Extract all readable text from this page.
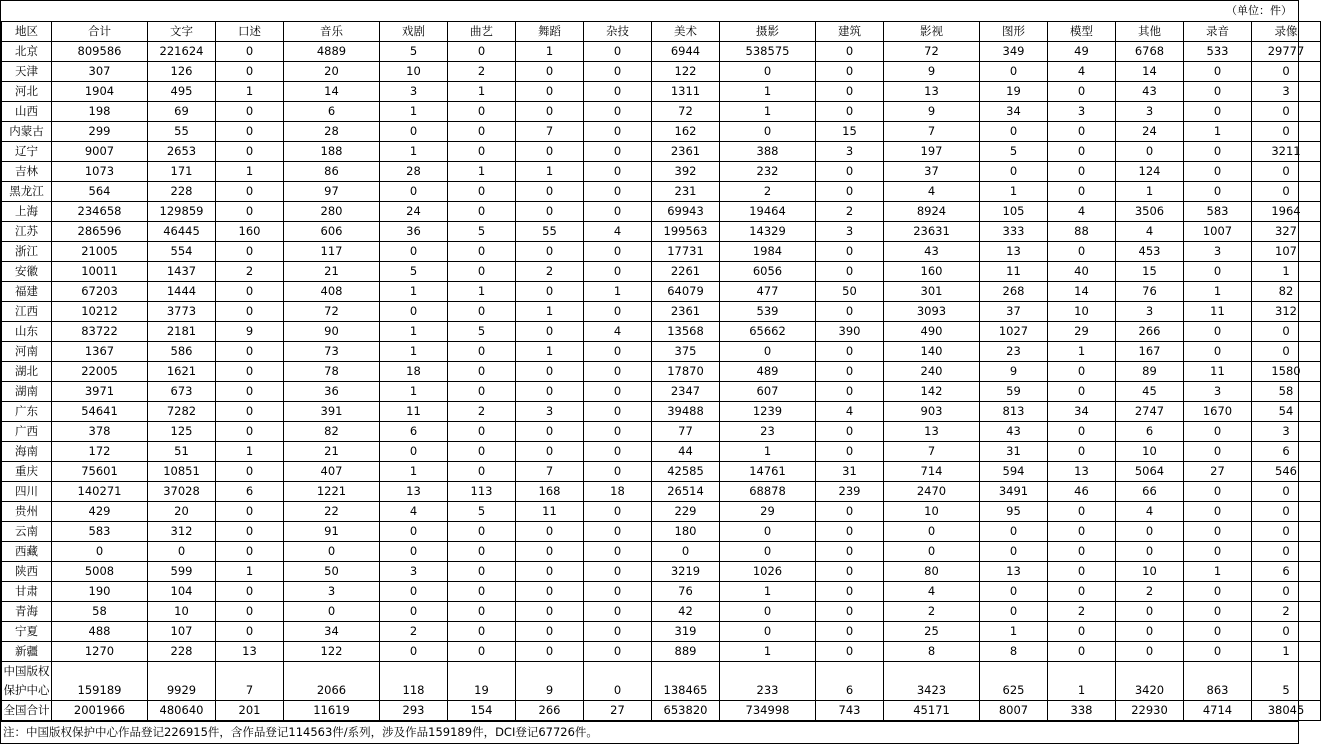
（单位：件）
地区	合计	文字	口述	音乐	戏剧	曲艺	舞蹈	杂技	美术	摄影	建筑	影视	图形	模型	其他	录音	录像
北京	809586	221624	0	4889	5	0	1	0	6944	538575	0	72	349	49	6768	533	29777
天津	307	126	0	20	10	2	0	0	122	0	0	9	0	4	14	0	0
河北	1904	495	1	14	3	1	0	0	1311	1	0	13	19	0	43	0	3
山西	198	69	0	6	1	0	0	0	72	1	0	9	34	3	3	0	0
内蒙古	299	55	0	28	0	0	7	0	162	0	15	7	0	0	24	1	0
辽宁	9007	2653	0	188	1	0	0	0	2361	388	3	197	5	0	0	0	3211
吉林	1073	171	1	86	28	1	1	0	392	232	0	37	0	0	124	0	0
黑龙江	564	228	0	97	0	0	0	0	231	2	0	4	1	0	1	0	0
上海	234658	129859	0	280	24	0	0	0	69943	19464	2	8924	105	4	3506	583	1964
江苏	286596	46445	160	606	36	5	55	4	199563	14329	3	23631	333	88	4	1007	327
浙江	21005	554	0	117	0	0	0	0	17731	1984	0	43	13	0	453	3	107
安徽	10011	1437	2	21	5	0	2	0	2261	6056	0	160	11	40	15	0	1
福建	67203	1444	0	408	1	1	0	1	64079	477	50	301	268	14	76	1	82
江西	10212	3773	0	72	0	0	1	0	2361	539	0	3093	37	10	3	11	312
山东	83722	2181	9	90	1	5	0	4	13568	65662	390	490	1027	29	266	0	0
河南	1367	586	0	73	1	0	1	0	375	0	0	140	23	1	167	0	0
湖北	22005	1621	0	78	18	0	0	0	17870	489	0	240	9	0	89	11	1580
湖南	3971	673	0	36	1	0	0	0	2347	607	0	142	59	0	45	3	58
广东	54641	7282	0	391	11	2	3	0	39488	1239	4	903	813	34	2747	1670	54
广西	378	125	0	82	6	0	0	0	77	23	0	13	43	0	6	0	3
海南	172	51	1	21	0	0	0	0	44	1	0	7	31	0	10	0	6
重庆	75601	10851	0	407	1	0	7	0	42585	14761	31	714	594	13	5064	27	546
四川	140271	37028	6	1221	13	113	168	18	26514	68878	239	2470	3491	46	66	0	0
贵州	429	20	0	22	4	5	11	0	229	29	0	10	95	0	4	0	0
云南	583	312	0	91	0	0	0	0	180	0	0	0	0	0	0	0	0
西藏	0	0	0	0	0	0	0	0	0	0	0	0	0	0	0	0	0
陕西	5008	599	1	50	3	0	0	0	3219	1026	0	80	13	0	10	1	6
甘肃	190	104	0	3	0	0	0	0	76	1	0	4	0	0	2	0	0
青海	58	10	0	0	0	0	0	0	42	0	0	2	0	2	0	0	2
宁夏	488	107	0	34	2	0	0	0	319	0	0	25	1	0	0	0	0
新疆	1270	228	13	122	0	0	0	0	889	1	0	8	8	0	0	0	1
中国版权保护中心	159189	9929	7	2066	118	19	9	0	138465	233	6	3423	625	1	3420	863	5
全国合计	2001966	480640	201	11619	293	154	266	27	653820	734998	743	45171	8007	338	22930	4714	38045
注：中国版权保护中心作品登记226915件，含作品登记114563件/系列，涉及作品159189件，DCI登记67726件。
